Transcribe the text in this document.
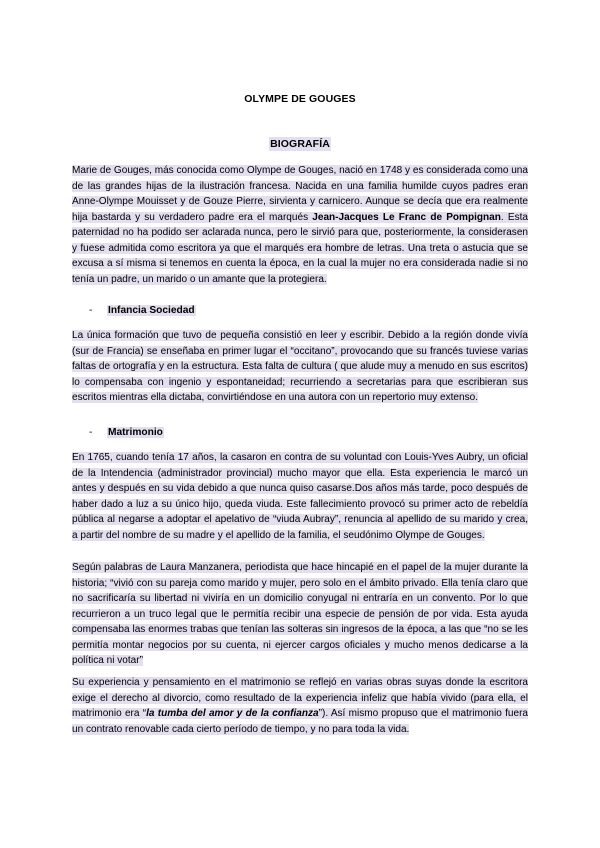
OLYMPE DE GOUGES
BIOGRAFÍA

Marie de Gouges, más conocida como Olympe de Gouges, nació en 1748 y es considerada como una de las grandes hijas de la ilustración francesa. Nacida en una familia humilde cuyos padres eran Anne-Olympe Mouisset y de Gouze Pierre, sirvienta y carnicero. Aunque se decía que era realmente hija bastarda y su verdadero padre era el marqués Jean-Jacques Le Franc de Pompignan. Esta paternidad no ha podido ser aclarada nunca, pero le sirvió para que, posteriormente, la considerasen y fuese admitida como escritora ya que el marqués era hombre de letras. Una treta o astucia que se excusa a sí misma si tenemos en cuenta la época, en la cual la mujer no era considerada nadie si no tenía un padre, un marido o un amante que la protegiera.

- Infancia Sociedad

La única formación que tuvo de pequeña consistió en leer y escribir. Debido a la región donde vivía (sur de Francia) se enseñaba en primer lugar el “occitano”, provocando que su francés tuviese varias faltas de ortografía y en la estructura. Esta falta de cultura ( que alude muy a menudo en sus escritos) lo compensaba con ingenio y espontaneidad; recurriendo a secretarias para que escribieran sus escritos mientras ella dictaba, convirtiéndose en una autora con un repertorio muy extenso.

- Matrimonio

En 1765, cuando tenía 17 años, la casaron en contra de su voluntad con Louis-Yves Aubry, un oficial de la Intendencia (administrador provincial) mucho mayor que ella. Esta experiencia le marcó un antes y después en su vida debido a que nunca quiso casarse.Dos años más tarde, poco después de haber dado a luz a su único hijo, queda viuda. Este fallecimiento provocó su primer acto de rebeldía pública al negarse a adoptar el apelativo de “viuda Aubray”, renuncia al apellido de su marido y crea, a partir del nombre de su madre y el apellido de la familia, el seudónimo Olympe de Gouges.

Según palabras de Laura Manzanera, periodista que hace hincapié en el papel de la mujer durante la historia; “vivió con su pareja como marido y mujer, pero solo en el ámbito privado. Ella tenía claro que no sacrificaría su libertad ni viviría en un domicilio conyugal ni entraría en un convento. Por lo que recurrieron a un truco legal que le permitía recibir una especie de pensión de por vida. Esta ayuda compensaba las enormes trabas que tenían las solteras sin ingresos de la época, a las que “no se les permitía montar negocios por su cuenta, ni ejercer cargos oficiales y mucho menos dedicarse a la política ni votar”

Su experiencia y pensamiento en el matrimonio se reflejó en varias obras suyas donde la escritora exige el derecho al divorcio, como resultado de la experiencia infeliz que había vivido (para ella, el matrimonio era “la tumba del amor y de la confianza”). Así mismo propuso que el matrimonio fuera un contrato renovable cada cierto período de tiempo, y no para toda la vida.
